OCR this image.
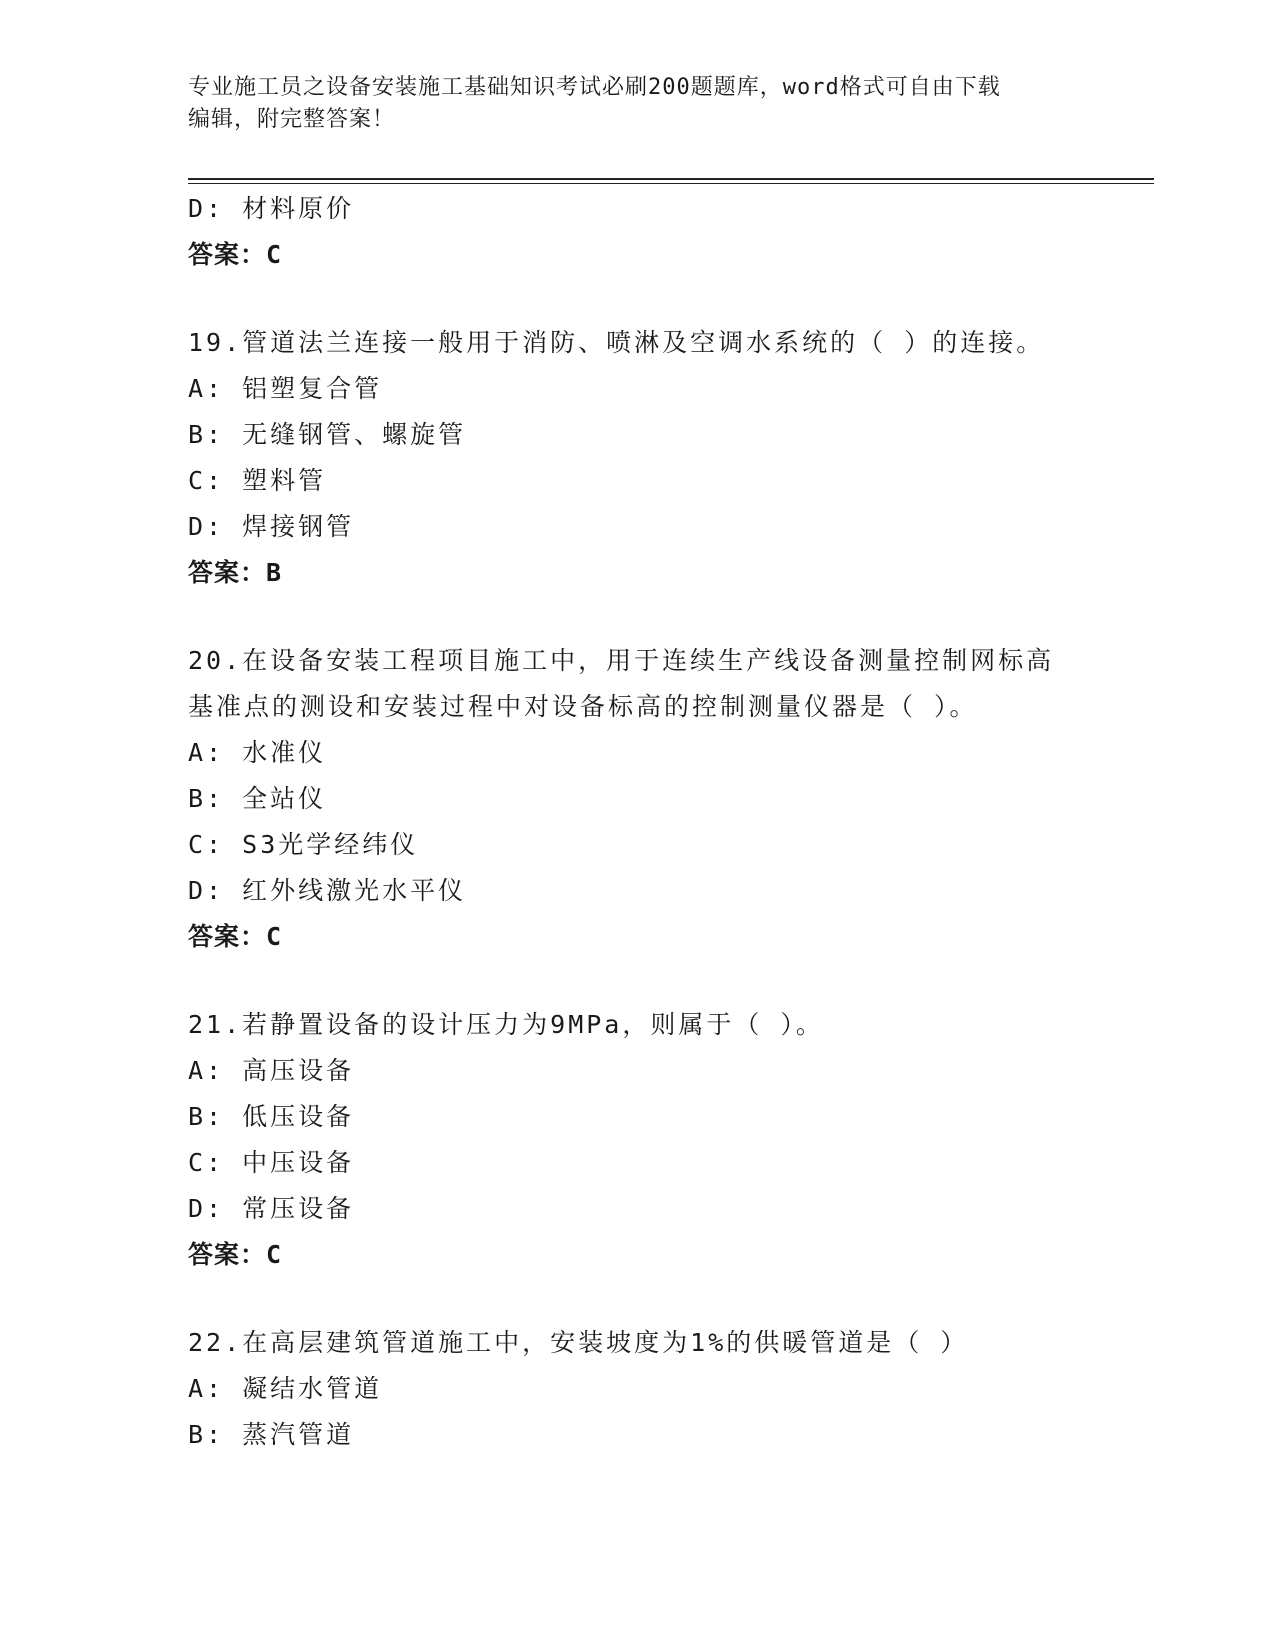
专业施工员之设备安装施工基础知识考试必刷200题题库，word格式可自由下载
编辑，附完整答案！
D: 材料原价
答案：C
19.管道法兰连接一般用于消防、喷淋及空调水系统的（ ）的连接。
A: 铝塑复合管
B: 无缝钢管、螺旋管
C: 塑料管
D: 焊接钢管
答案：B
20.在设备安装工程项目施工中，用于连续生产线设备测量控制网标高
基准点的测设和安装过程中对设备标高的控制测量仪器是（ ）。
A: 水准仪
B: 全站仪
C: S3光学经纬仪
D: 红外线激光水平仪
答案：C
21.若静置设备的设计压力为9MPa，则属于（ ）。
A: 高压设备
B: 低压设备
C: 中压设备
D: 常压设备
答案：C
22.在高层建筑管道施工中，安装坡度为1%的供暖管道是（ ）
A: 凝结水管道
B: 蒸汽管道
